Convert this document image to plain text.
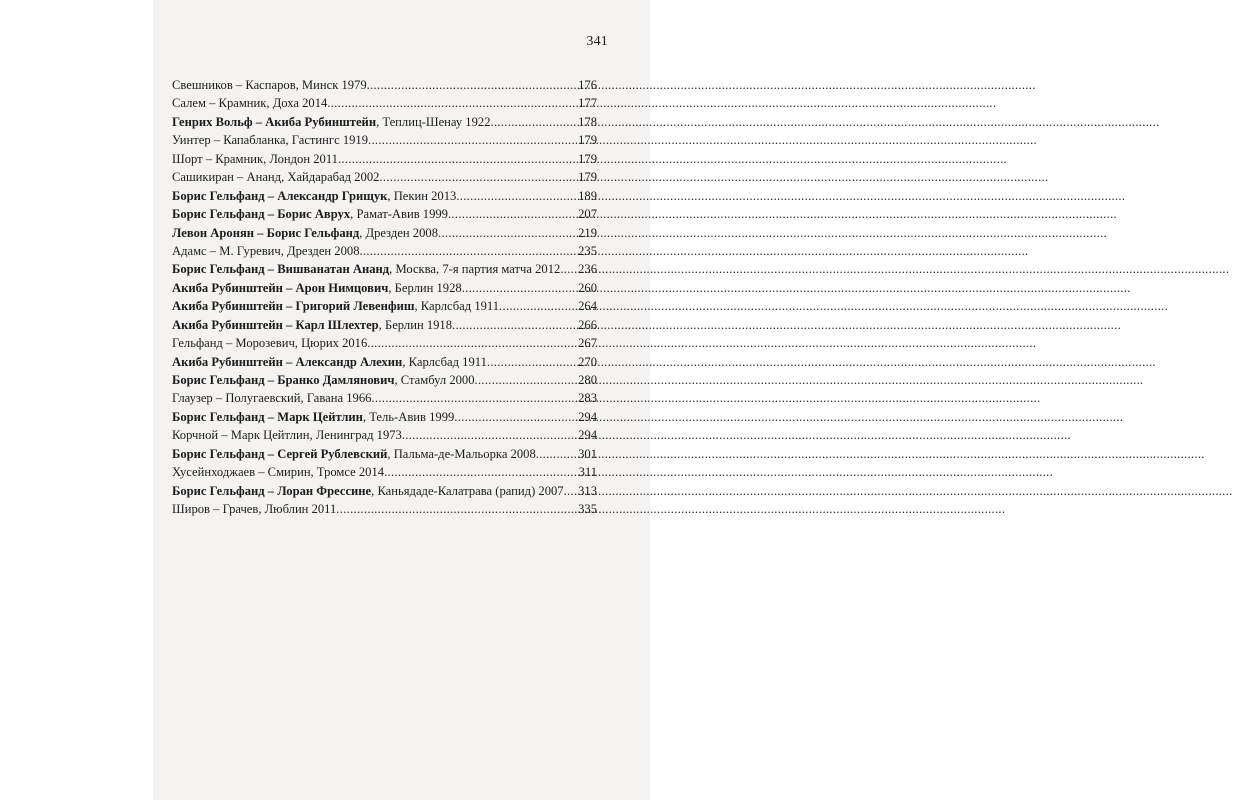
341
Свешников – Каспаров, Минск 1979 .....	176
Салем – Крамник, Доха 2014 .....	177
Генрих Вольф – Акиба Рубинштейн, Теплиц-Шенау 1922 .....	178
Уинтер – Капабланка, Гастингс 1919 .....	179
Шорт – Крамник, Лондон 2011 .....	179
Сашикиран – Ананд, Хайдарабад 2002 .....	179
Борис Гельфанд – Александр Грищук, Пекин 2013 .....	189
Борис Гельфанд – Борис Аврух, Рамат-Авив 1999 .....	207
Левон Аронян – Борис Гельфанд, Дрезден 2008 .....	219
Адамс – М. Гуревич, Дрезден 2008 .....	235
Борис Гельфанд – Вишванатан Ананд, Москва, 7-я партия матча 2012 ..... 236
Акиба Рубинштейн – Арон Нимцович, Берлин 1928 .....	260
Акиба Рубинштейн – Григорий Левенфиш, Карлсбад 1911 .....	264
Акиба Рубинштейн – Карл Шлехтер, Берлин 1918 .....	266
Гельфанд – Морозевич, Цюрих 2016 .....	267
Акиба Рубинштейн – Александр Алехин, Карлсбад 1911 .....	270
Борис Гельфанд – Бранко Дамлянович, Стамбул 2000 .....	280
Глаузер – Полугаевский, Гавана 1966 .....	283
Борис Гельфанд – Марк Цейтлин, Тель-Авив 1999 .....	294
Корчной – Марк Цейтлин, Ленинград 1973 .....	294
Борис Гельфанд – Сергей Рублевский, Пальма-де-Мальорка 2008 .....	301
Хусейнходжаев – Смирин, Тромсе 2014 .....	311
Борис Гельфанд – Лоран Фрессине, Каньядаде-Калатрава (рапид) 2007 ..... 313
Широв – Грачев, Люблин 2011 .....	335
